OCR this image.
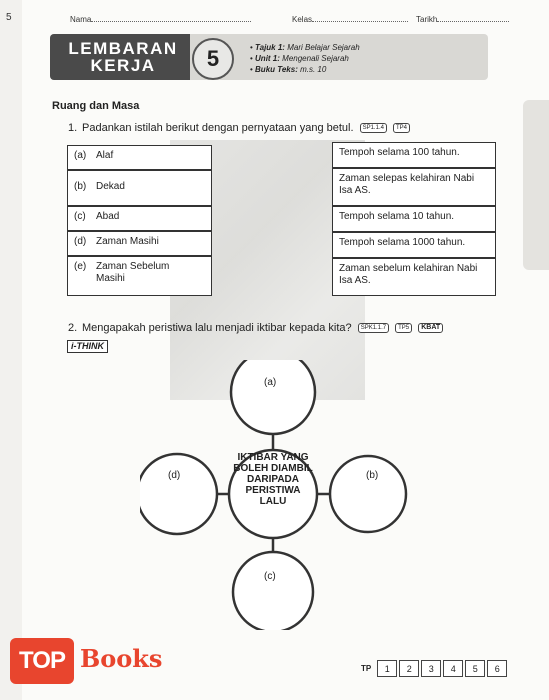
5	Nama	Kelas	Tarikh
LEMBARAN
KERJA	5	• Tajuk 1: Mari Belajar Sejarah
• Unit 1: Mengenali Sejarah
• Buku Teks: m.s. 10
Ruang dan Masa
1. Padankan istilah berikut dengan pernyataan yang betul. SP1.1.4 TP4
(a) Alaf
(b) Dekad
(c) Abad
(d) Zaman Masihi
(e) Zaman Sebelum Masihi
Tempoh selama 100 tahun.
Zaman selepas kelahiran Nabi Isa AS.
Tempoh selama 10 tahun.
Tempoh selama 1000 tahun.
Zaman sebelum kelahiran Nabi Isa AS.
2. Mengapakah peristiwa lalu menjadi iktibar kepada kita? SPK1.1.7 TP5 KBAT
i-THINK
(a)
(b)
(c)
(d)
IKTIBAR YANG BOLEH DIAMBIL DARIPADA PERISTIWA LALU
TOP Books	TP	1	2	3	4	5	6
